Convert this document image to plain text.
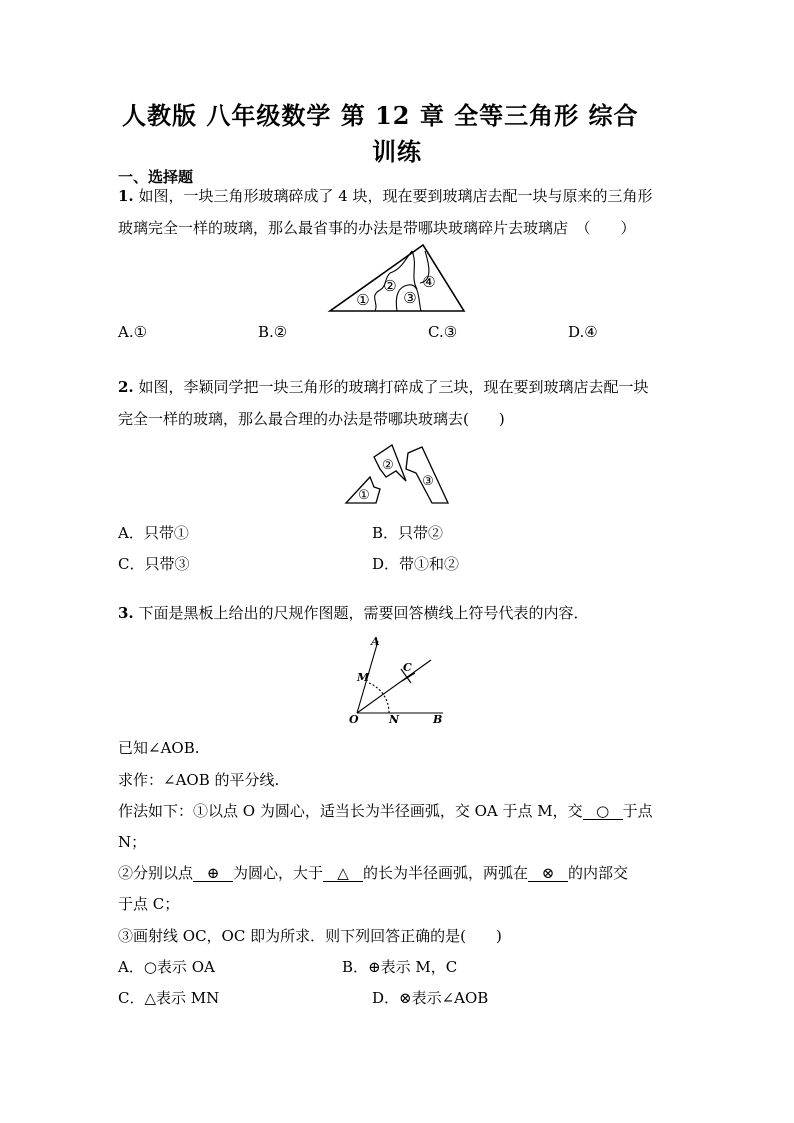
人教版 八年级数学 第 12 章 全等三角形 综合
训练
一、选择题
1. 如图，一块三角形玻璃碎成了 4 块，现在要到玻璃店去配一块与原来的三角形
玻璃完全一样的玻璃，那么最省事的办法是带哪块玻璃碎片去玻璃店　（　　）
①
②
③
④
A.①	B.②	C.③	D.④
2. 如图，李颖同学把一块三角形的玻璃打碎成了三块，现在要到玻璃店去配一块
完全一样的玻璃，那么最合理的办法是带哪块玻璃去(　　)
①
②
③
A．只带①	B．只带②
C．只带③	D．带①和②
3. 下面是黑板上给出的尺规作图题，需要回答横线上符号代表的内容．
A
M
C
O	N	B
已知∠AOB.
求作：∠AOB 的平分线.
作法如下：①以点 O 为圆心，适当长为半径画弧，交 OA 于点 M，交 ○ 于点
N；
②分别以点 ⊕ 为圆心，大于 △ 的长为半径画弧，两弧在 ⊗ 的内部交
于点 C；
③画射线 OC，OC 即为所求．则下列回答正确的是(　　)
A．○表示 OA	B．⊕表示 M，C
C．△表示 MN	D．⊗表示∠AOB
